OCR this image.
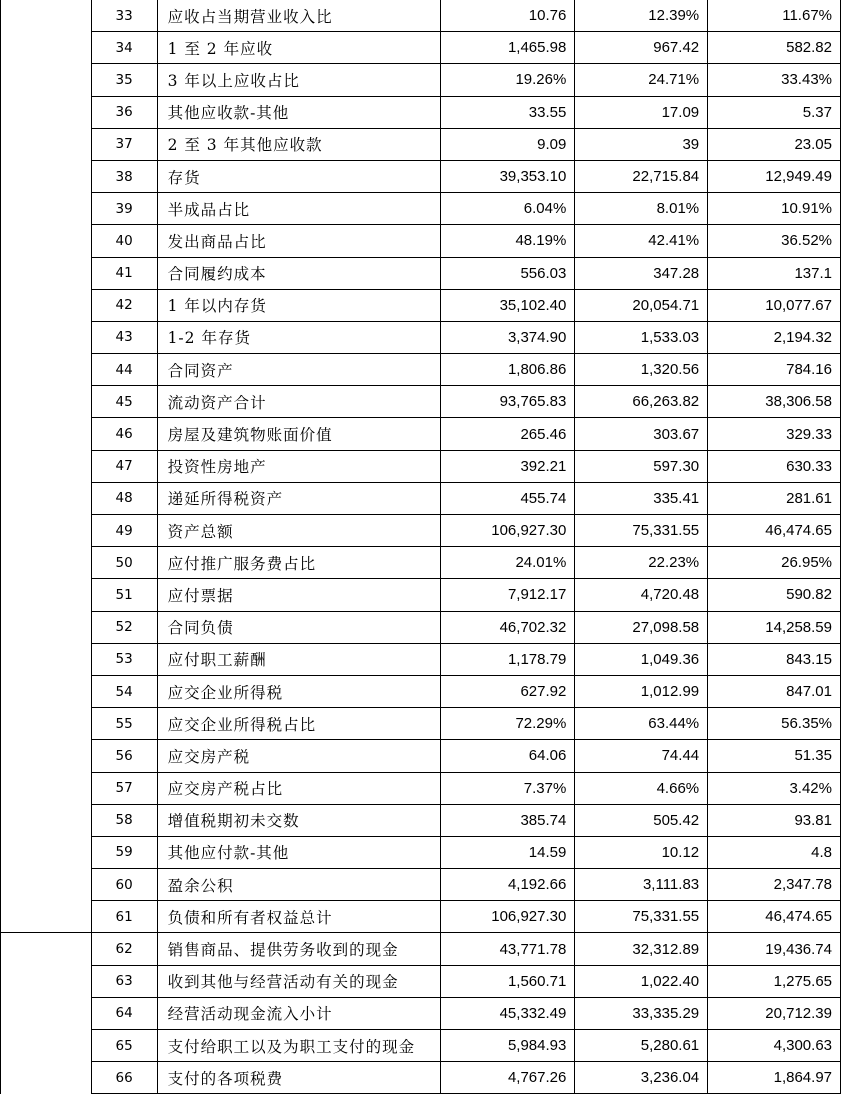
	33	应收占当期营业收入比	10.76	12.39%	11.67%
	34	1 至 2 年应收	1,465.98	967.42	582.82
	35	3 年以上应收占比	19.26%	24.71%	33.43%
	36	其他应收款-其他	33.55	17.09	5.37
	37	2 至 3 年其他应收款	9.09	39	23.05
	38	存货	39,353.10	22,715.84	12,949.49
	39	半成品占比	6.04%	8.01%	10.91%
	40	发出商品占比	48.19%	42.41%	36.52%
	41	合同履约成本	556.03	347.28	137.1
	42	1 年以内存货	35,102.40	20,054.71	10,077.67
	43	1-2 年存货	3,374.90	1,533.03	2,194.32
	44	合同资产	1,806.86	1,320.56	784.16
	45	流动资产合计	93,765.83	66,263.82	38,306.58
	46	房屋及建筑物账面价值	265.46	303.67	329.33
	47	投资性房地产	392.21	597.30	630.33
	48	递延所得税资产	455.74	335.41	281.61
	49	资产总额	106,927.30	75,331.55	46,474.65
	50	应付推广服务费占比	24.01%	22.23%	26.95%
	51	应付票据	7,912.17	4,720.48	590.82
	52	合同负债	46,702.32	27,098.58	14,258.59
	53	应付职工薪酬	1,178.79	1,049.36	843.15
	54	应交企业所得税	627.92	1,012.99	847.01
	55	应交企业所得税占比	72.29%	63.44%	56.35%
	56	应交房产税	64.06	74.44	51.35
	57	应交房产税占比	7.37%	4.66%	3.42%
	58	增值税期初未交数	385.74	505.42	93.81
	59	其他应付款-其他	14.59	10.12	4.8
	60	盈余公积	4,192.66	3,111.83	2,347.78
	61	负债和所有者权益总计	106,927.30	75,331.55	46,474.65
	62	销售商品、提供劳务收到的现金	43,771.78	32,312.89	19,436.74
	63	收到其他与经营活动有关的现金	1,560.71	1,022.40	1,275.65
	64	经营活动现金流入小计	45,332.49	33,335.29	20,712.39
	65	支付给职工以及为职工支付的现金	5,984.93	5,280.61	4,300.63
	66	支付的各项税费	4,767.26	3,236.04	1,864.97
